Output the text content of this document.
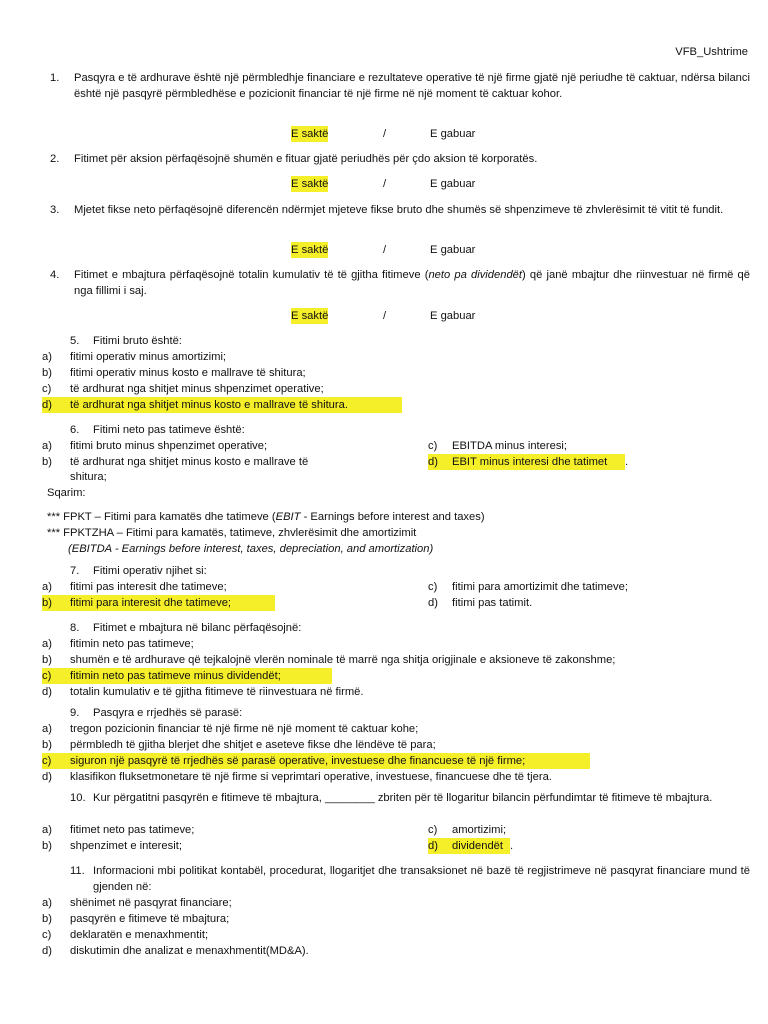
VFB_Ushtrime
1. Pasqyra e të ardhurave është një përmbledhje financiare e rezultateve operative të një firme gjatë një periudhe të caktuar, ndërsa bilanci është një pasqyrë përmbledhëse e pozicionit financiar të një firme në një moment të caktuar kohor.
E saktë	/	E gabuar
2. Fitimet për aksion përfaqësojnë shumën e fituar gjatë periudhës për çdo aksion të korporatës.
E saktë	/	E gabuar
3. Mjetet fikse neto përfaqësojnë diferencën ndërmjet mjeteve fikse bruto dhe shumës së shpenzimeve të zhvlerësimit të vitit të fundit.
E saktë	/	E gabuar
4. Fitimet e mbajtura përfaqësojnë totalin kumulativ të të gjitha fitimeve (neto pa dividendët) që janë mbajtur dhe riinvestuar në firmë që nga fillimi i saj.
E saktë	/	E gabuar
5. Fitimi bruto është:
a) fitimi operativ minus amortizimi;
b) fitimi operativ minus kosto e mallrave të shitura;
c) të ardhurat nga shitjet minus shpenzimet operative;
d) të ardhurat nga shitjet minus kosto e mallrave të shitura.
6. Fitimi neto pas tatimeve është:
a) fitimi bruto minus shpenzimet operative;
b) të ardhurat nga shitjet minus kosto e mallrave të
shitura;
c) EBITDA minus interesi;
d) EBIT minus interesi dhe tatimet .
Sqarim:
*** FPKT – Fitimi para kamatës dhe tatimeve (EBIT - Earnings before interest and taxes)
*** FPKTZHA – Fitimi para kamatës, tatimeve, zhvlerësimit dhe amortizimit
(EBITDA - Earnings before interest, taxes, depreciation, and amortization)
7. Fitimi operativ njihet si:
a) fitimi pas interesit dhe tatimeve;
b) fitimi para interesit dhe tatimeve;
c) fitimi para amortizimit dhe tatimeve;
d) fitimi pas tatimit.
8. Fitimet e mbajtura në bilanc përfaqësojnë:
a) fitimin neto pas tatimeve;
b) shumën e të ardhurave që tejkalojnë vlerën nominale të marrë nga shitja origjinale e aksioneve të zakonshme;
c) fitimin neto pas tatimeve minus dividendët;
d) totalin kumulativ e të gjitha fitimeve të riinvestuara në firmë.
9. Pasqyra e rrjedhës së parasë:
a) tregon pozicionin financiar të një firme në një moment të caktuar kohe;
b) përmbledh të gjitha blerjet dhe shitjet e aseteve fikse dhe lëndëve të para;
c) siguron një pasqyrë të rrjedhës së parasë operative, investuese dhe financuese të një firme;
d) klasifikon fluksetmonetare të një firme si veprimtari operative, investuese, financuese dhe të tjera.
10. Kur përgatitni pasqyrën e fitimeve të mbajtura, ________ zbriten për të llogaritur bilancin përfundimtar të fitimeve të mbajtura.
a) fitimet neto pas tatimeve;
b) shpenzimet e interesit;
c) amortizimi;
d) dividendët .
11. Informacioni mbi politikat kontabël, procedurat, llogaritjet dhe transaksionet në bazë të regjistrimeve në pasqyrat financiare mund të gjenden në:
a) shënimet në pasqyrat financiare;
b) pasqyrën e fitimeve të mbajtura;
c) deklaratën e menaxhmentit;
d) diskutimin dhe analizat e menaxhmentit(MD&A).
